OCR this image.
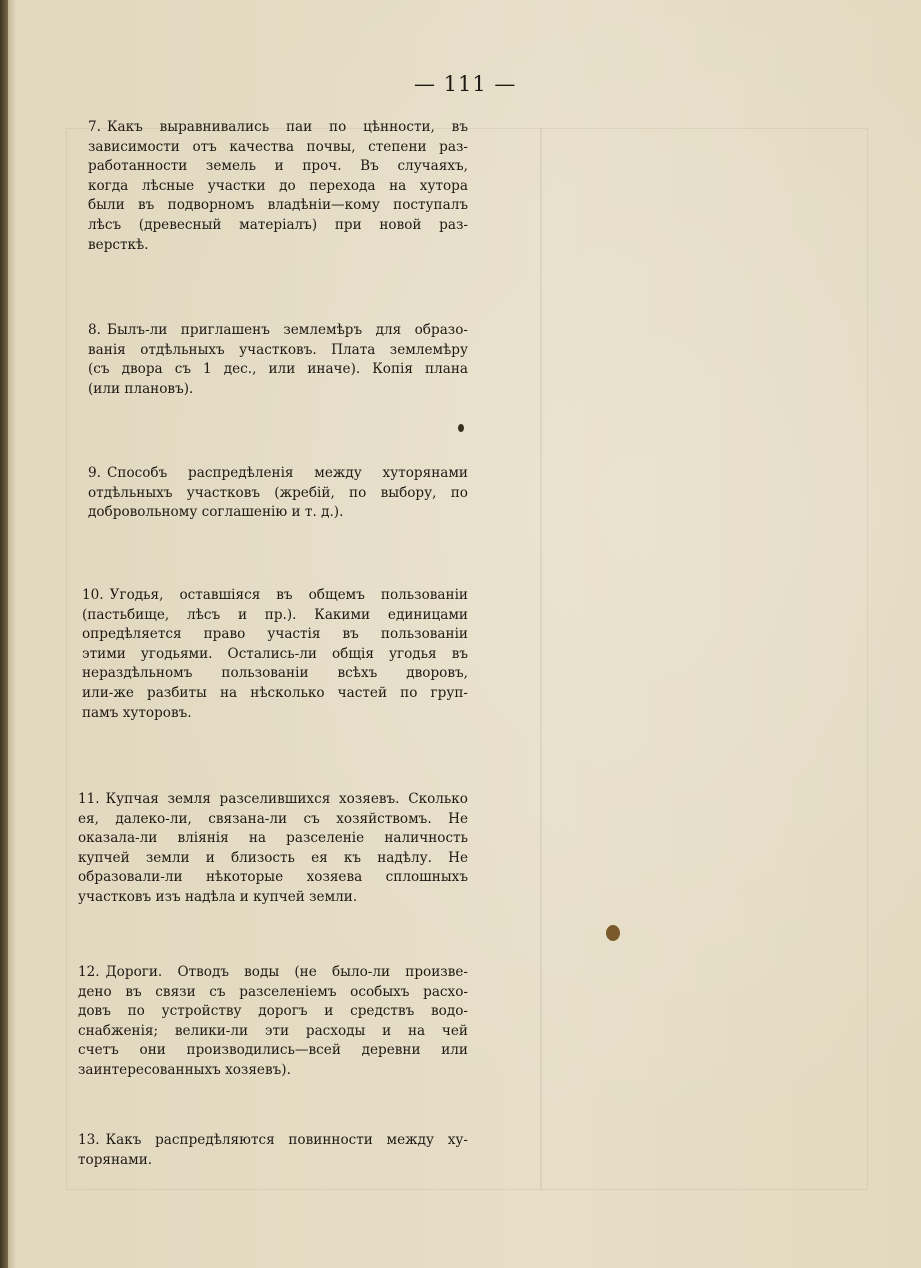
— 111 —
7. Какъ выравнивались паи по цѣнности, въ
зависимости отъ качества почвы, степени раз-
работанности земель и проч. Въ случаяхъ,
когда лѣсные участки до перехода на хутора
были въ подворномъ владѣніи—кому поступалъ
лѣсъ (древесный матеріалъ) при новой раз-
версткѣ.
8. Былъ-ли приглашенъ землемѣръ для образо-
ванія отдѣльныхъ участковъ. Плата землемѣру
(съ двора съ 1 дес., или иначе). Копія плана
(или плановъ).
9. Способъ распредѣленія между хуторянами
отдѣльныхъ участковъ (жребій, по выбору, по
добровольному соглашенію и т. д.).
10. Угодья, оставшіяся въ общемъ пользованіи
(пастьбище, лѣсъ и пр.). Какими единицами
опредѣляется право участія въ пользованіи
этими угодьями. Остались-ли общія угодья въ
нераздѣльномъ пользованіи всѣхъ дворовъ,
или-же разбиты на нѣсколько частей по груп-
памъ хуторовъ.
11. Купчая земля разселившихся хозяевъ. Сколько
ея, далеко-ли, связана-ли съ хозяйствомъ. Не
оказала-ли вліянія на разселеніе наличность
купчей земли и близость ея къ надѣлу. Не
образовали-ли нѣкоторые хозяева сплошныхъ
участковъ изъ надѣла и купчей земли.
12. Дороги. Отводъ воды (не было-ли произве-
дено въ связи съ разселеніемъ особыхъ расхо-
довъ по устройству дорогъ и средствъ водо-
снабженія; велики-ли эти расходы и на чей
счетъ они производились—всей деревни или
заинтересованныхъ хозяевъ).
13. Какъ распредѣляются повинности между ху-
торянами.
